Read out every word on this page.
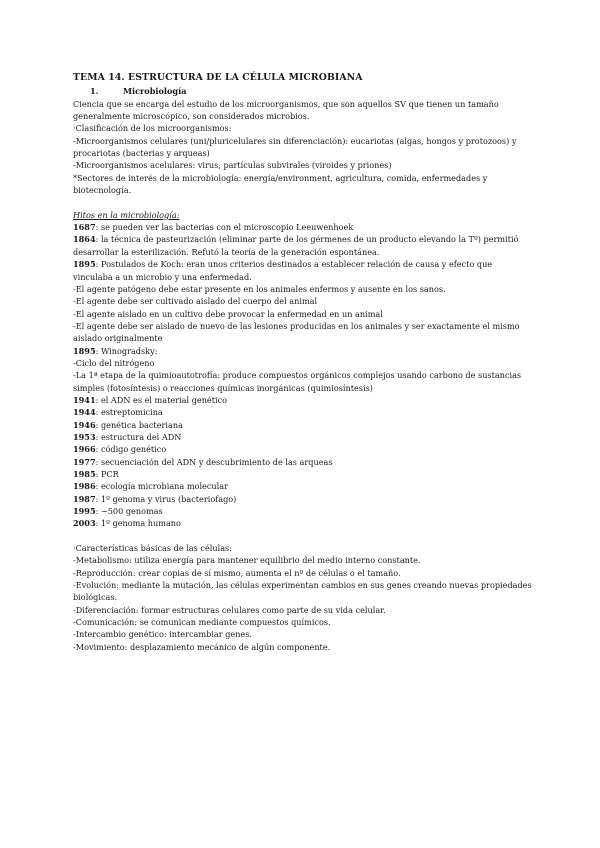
TEMA 14. ESTRUCTURA DE LA CÉLULA MICROBIANA

1.	Microbiología

Ciencia que se encarga del estudio de los microorganismos, que son aquellos SV que tienen un tamaño generalmente microscópico, son considerados microbios.

·Clasificación de los microorganismos:

-Microorganismos celulares (uni/pluricelulares sin diferenciación): eucariotas (algas, hongos y protozoos) y procariotas (bacterias y arqueas)

-Microorganismos acelulares: virus, partículas subvirales (viroides y priones)

*Sectores de interés de la microbiología: energía/environment, agricultura, comida, enfermedades y biotecnología.

Hitos en la microbiología:

1687: se pueden ver las bacterias con el microscopio Leeuwenhoek

1864: la técnica de pasteurización (eliminar parte de los gérmenes de un producto elevando la Tº) permitió desarrollar la esterilización. Refutó la teoría de la generación espontánea.

1895: Postulados de Koch: eran unos criterios destinados a establecer relación de causa y efecto que vinculaba a un microbio y una enfermedad.

-El agente patógeno debe estar presente en los animales enfermos y ausente en los sanos.

-El agente debe ser cultivado aislado del cuerpo del animal

-El agente aislado en un cultivo debe provocar la enfermedad en un animal

-El agente debe ser aislado de nuevo de las lesiones producidas en los animales y ser exactamente el mismo aislado originalmente

1895: Winogradsky:

-Ciclo del nitrógeno

-La 1ª etapa de la quimioautotrofía: produce compuestos orgánicos complejos usando carbono de sustancias simples (fotosíntesis) o reacciones químicas inorgánicas (quimiosíntesis)

1941: el ADN es el material genético

1944: estreptomicina

1946: genética bacteriana

1953: estructura del ADN

1966: código genético

1977: secuenciación del ADN y descubrimiento de las arqueas

1985: PCR

1986: ecología microbiana molecular

1987: 1º genoma y virus (bacteriofago)

1995: ~500 genomas

2003: 1º genoma humano

·Características básicas de las células:

-Metabolismo: utiliza energía para mantener equilibrio del medio interno constante.

-Reproducción: crear copias de sí mismo, aumenta el nº de células o el tamaño.

-Evolución: mediante la mutación, las células experimentan cambios en sus genes creando nuevas propiedades biológicas.

-Diferenciación: formar estructuras celulares como parte de su vida celular.

-Comunicación: se comunican mediante compuestos químicos.

-Intercambio genético: intercambiar genes.

-Movimiento: desplazamiento mecánico de algún componente.
